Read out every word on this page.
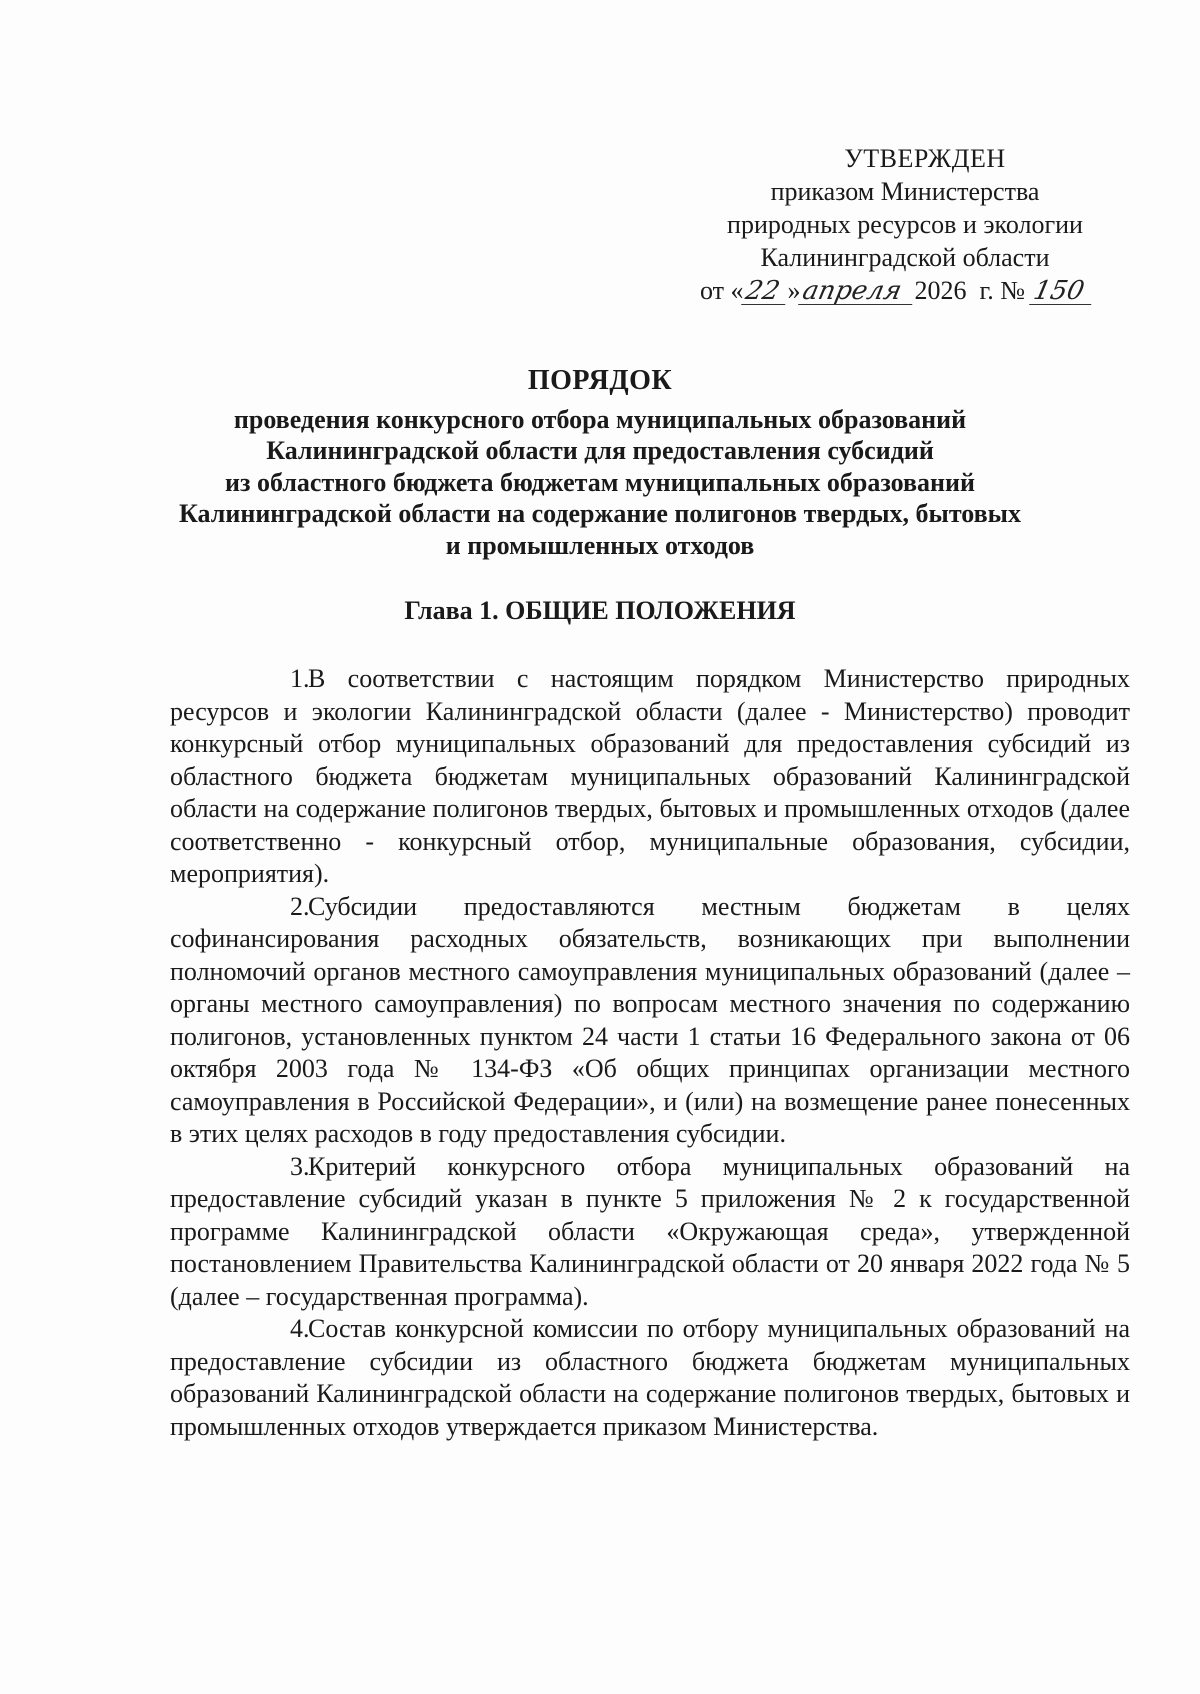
УТВЕРЖДЕН
приказом Министерства
природных ресурсов и экологии
Калининградской области
от «22 »апреля 2026 г. № 150
ПОРЯДОК
проведения конкурсного отбора муниципальных образований
Калининградской области для предоставления субсидий
из областного бюджета бюджетам муниципальных образований
Калининградской области на содержание полигонов твердых, бытовых
и промышленных отходов
Глава 1. ОБЩИЕ ПОЛОЖЕНИЯ

1.В соответствии с настоящим порядком Министерство природных ресурсов и экологии Калининградской области (далее - Министерство) проводит конкурсный отбор муниципальных образований для предоставления субсидий из областного бюджета бюджетам муниципальных образований Калининградской области на содержание полигонов твердых, бытовых и промышленных отходов (далее соответственно - конкурсный отбор, муниципальные образования, субсидии, мероприятия).

2.Субсидии предоставляются местным бюджетам в целях софинансирования расходных обязательств, возникающих при выполнении полномочий органов местного самоуправления муниципальных образований (далее – органы местного самоуправления) по вопросам местного значения по содержанию полигонов, установленных пунктом 24 части 1 статьи 16 Федерального закона от 06 октября 2003 года № 134-ФЗ «Об общих принципах организации местного самоуправления в Российской Федерации», и (или) на возмещение ранее понесенных в этих целях расходов в году предоставления субсидии.

3.Критерий конкурсного отбора муниципальных образований на предоставление субсидий указан в пункте 5 приложения № 2 к государственной программе Калининградской области «Окружающая среда», утвержденной постановлением Правительства Калининградской области от 20 января 2022 года № 5 (далее – государственная программа).

4.Состав конкурсной комиссии по отбору муниципальных образований на предоставление субсидии из областного бюджета бюджетам муниципальных образований Калининградской области на содержание полигонов твердых, бытовых и промышленных отходов утверждается приказом Министерства.
